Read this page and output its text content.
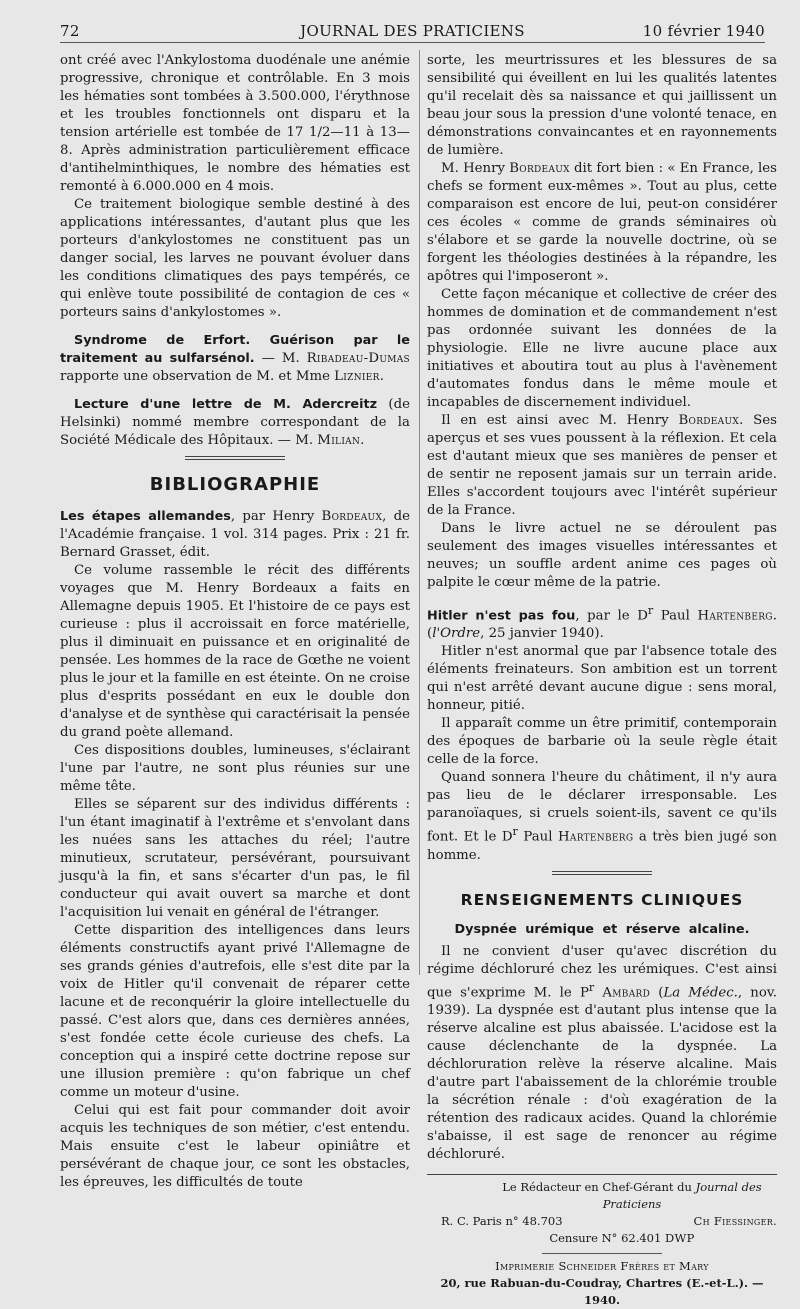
72	JOURNAL DES PRATICIENS	10 février 1940

ont créé avec l'Ankylostoma duodénale une anémie progressive, chronique et contrôlable. En 3 mois les hématies sont tombées à 3.500.000, l'érythnose et les troubles fonctionnels ont disparu et la tension artérielle est tombée de 17 1/2—11 à 13—8. Après administration particulièrement efficace d'antihelminthiques, le nombre des hématies est remonté à 6.000.000 en 4 mois.

Ce traitement biologique semble destiné à des applications intéressantes, d'autant plus que les porteurs d'ankylostomes ne constituent pas un danger social, les larves ne pouvant évoluer dans les conditions climatiques des pays tempérés, ce qui enlève toute possibilité de contagion de ces « porteurs sains d'ankylostomes ».

Syndrome de Erfort. Guérison par le traitement au sulfarsénol. — M. Ribadeau-Dumas rapporte une observation de M. et Mme Liznier.

Lecture d'une lettre de M. Adercreitz (de Helsinki) nommé membre correspondant de la Société Médicale des Hôpitaux. — M. Milian.

BIBLIOGRAPHIE

Les étapes allemandes, par Henry Bordeaux, de l'Académie française. 1 vol. 314 pages. Prix : 21 fr. Bernard Grasset, édit.

Ce volume rassemble le récit des différents voyages que M. Henry Bordeaux a faits en Allemagne depuis 1905. Et l'histoire de ce pays est curieuse : plus il accroissait en force matérielle, plus il diminuait en puissance et en originalité de pensée. Les hommes de la race de Gœthe ne voient plus le jour et la famille en est éteinte. On ne croise plus d'esprits possédant en eux le double don d'analyse et de synthèse qui caractérisait la pensée du grand poète allemand.

Ces dispositions doubles, lumineuses, s'éclairant l'une par l'autre, ne sont plus réunies sur une même tête.

Elles se séparent sur des individus différents : l'un étant imaginatif à l'extrême et s'envolant dans les nuées sans les attaches du réel; l'autre minutieux, scrutateur, persévérant, poursuivant jusqu'à la fin, et sans s'écarter d'un pas, le fil conducteur qui avait ouvert sa marche et dont l'acquisition lui venait en général de l'étranger.

Cette disparition des intelligences dans leurs éléments constructifs ayant privé l'Allemagne de ses grands génies d'autrefois, elle s'est dite par la voix de Hitler qu'il convenait de réparer cette lacune et de reconquérir la gloire intellectuelle du passé. C'est alors que, dans ces dernières années, s'est fondée cette école curieuse des chefs. La conception qui a inspiré cette doctrine repose sur une illusion première : qu'on fabrique un chef comme un moteur d'usine.

Celui qui est fait pour commander doit avoir acquis les techniques de son métier, c'est entendu. Mais ensuite c'est le labeur opiniâtre et persévérant de chaque jour, ce sont les obstacles, les épreuves, les difficultés de toute

sorte, les meurtrissures et les blessures de sa sensibilité qui éveillent en lui les qualités latentes qu'il recelait dès sa naissance et qui jaillissent un beau jour sous la pression d'une volonté tenace, en démonstrations convaincantes et en rayonnements de lumière.

M. Henry Bordeaux dit fort bien : « En France, les chefs se forment eux-mêmes ». Tout au plus, cette comparaison est encore de lui, peut-on considérer ces écoles « comme de grands séminaires où s'élabore et se garde la nouvelle doctrine, où se forgent les théologies destinées à la répandre, les apôtres qui l'imposeront ».

Cette façon mécanique et collective de créer des hommes de domination et de commandement n'est pas ordonnée suivant les données de la physiologie. Elle ne livre aucune place aux initiatives et aboutira tout au plus à l'avènement d'automates fondus dans le même moule et incapables de discernement individuel.

Il en est ainsi avec M. Henry Bordeaux. Ses aperçus et ses vues poussent à la réflexion. Et cela est d'autant mieux que ses manières de penser et de sentir ne reposent jamais sur un terrain aride. Elles s'accordent toujours avec l'intérêt supérieur de la France.

Dans le livre actuel ne se déroulent pas seulement des images visuelles intéressantes et neuves; un souffle ardent anime ces pages où palpite le cœur même de la patrie.

Hitler n'est pas fou, par le $D^r$ Paul Hartenberg. (l'Ordre, 25 janvier 1940).

Hitler n'est anormal que par l'absence totale des éléments freinateurs. Son ambition est un torrent qui n'est arrêté devant aucune digue : sens moral, honneur, pitié.

Il apparaît comme un être primitif, contemporain des époques de barbarie où la seule règle était celle de la force.

Quand sonnera l'heure du châtiment, il n'y aura pas lieu de le déclarer irresponsable. Les paranoïaques, si cruels soient-ils, savent ce qu'ils font. Et le $D^r$ Paul Hartenberg a très bien jugé son homme.

RENSEIGNEMENTS CLINIQUES
Dyspnée urémique et réserve alcaline.

Il ne convient d'user qu'avec discrétion du régime déchloruré chez les urémiques. C'est ainsi que s'exprime M. le $P^r$ Ambard (La Médec., nov. 1939). La dyspnée est d'autant plus intense que la réserve alcaline est plus abaissée. L'acidose est la cause déclenchante de la dyspnée. La déchloruration relève la réserve alcaline. Mais d'autre part l'abaissement de la chlorémie trouble la sécrétion rénale : d'où exagération de la rétention des radicaux acides. Quand la chlorémie s'abaisse, il est sage de renoncer au régime déchloruré.

Le Rédacteur en Chef-Gérant du Journal des Praticiens
R. C. Paris n° 48.703	Ch Fiessinger.
Censure N° 62.401 DWP
Imprimerie Schneider Frères et Mary
20, rue Rabuan-du-Coudray, Chartres (E.-et-L.). — 1940.
